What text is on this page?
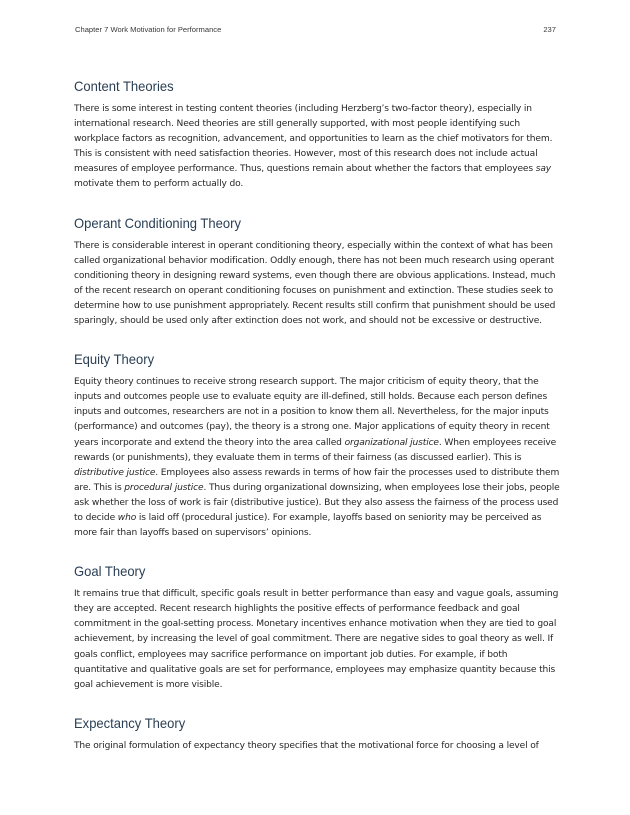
Chapter 7 Work Motivation for Performance	237
Content Theories

There is some interest in testing content theories (including Herzberg’s two-factor theory), especially in international research. Need theories are still generally supported, with most people identifying such workplace factors as recognition, advancement, and opportunities to learn as the chief motivators for them. This is consistent with need satisfaction theories. However, most of this research does not include actual measures of employee performance. Thus, questions remain about whether the factors that employees say motivate them to perform actually do.

Operant Conditioning Theory

There is considerable interest in operant conditioning theory, especially within the context of what has been called organizational behavior modification. Oddly enough, there has not been much research using operant conditioning theory in designing reward systems, even though there are obvious applications. Instead, much of the recent research on operant conditioning focuses on punishment and extinction. These studies seek to determine how to use punishment appropriately. Recent results still confirm that punishment should be used sparingly, should be used only after extinction does not work, and should not be excessive or destructive.

Equity Theory

Equity theory continues to receive strong research support. The major criticism of equity theory, that the inputs and outcomes people use to evaluate equity are ill-defined, still holds. Because each person defines inputs and outcomes, researchers are not in a position to know them all. Nevertheless, for the major inputs (performance) and outcomes (pay), the theory is a strong one. Major applications of equity theory in recent years incorporate and extend the theory into the area called organizational justice. When employees receive rewards (or punishments), they evaluate them in terms of their fairness (as discussed earlier). This is distributive justice. Employees also assess rewards in terms of how fair the processes used to distribute them are. This is procedural justice. Thus during organizational downsizing, when employees lose their jobs, people ask whether the loss of work is fair (distributive justice). But they also assess the fairness of the process used to decide who is laid off (procedural justice). For example, layoffs based on seniority may be perceived as more fair than layoffs based on supervisors’ opinions.

Goal Theory

It remains true that difficult, specific goals result in better performance than easy and vague goals, assuming they are accepted. Recent research highlights the positive effects of performance feedback and goal commitment in the goal-setting process. Monetary incentives enhance motivation when they are tied to goal achievement, by increasing the level of goal commitment. There are negative sides to goal theory as well. If goals conflict, employees may sacrifice performance on important job duties. For example, if both quantitative and qualitative goals are set for performance, employees may emphasize quantity because this goal achievement is more visible.

Expectancy Theory

The original formulation of expectancy theory specifies that the motivational force for choosing a level of
